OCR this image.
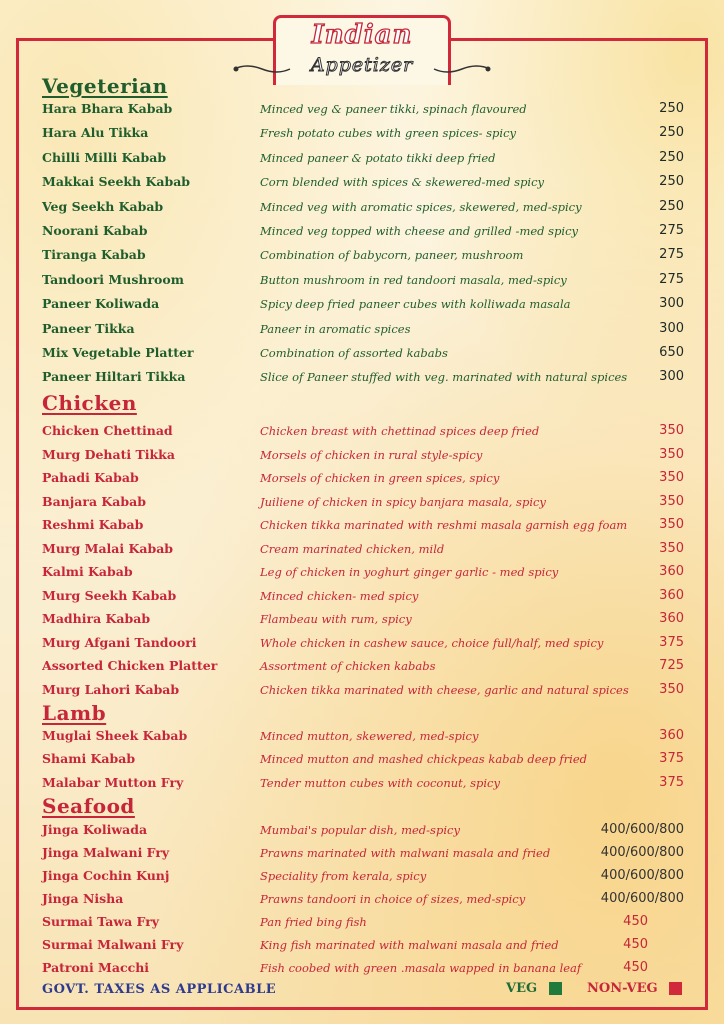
Indian
Appetizer
Vegeterian
Hara Bhara Kabab	Minced veg & paneer tikki, spinach flavoured	250
Hara Alu Tikka	Fresh potato cubes with green spices- spicy	250
Chilli Milli Kabab	Minced paneer & potato tikki deep fried	250
Makkai Seekh Kabab	Corn blended with spices & skewered-med spicy	250
Veg Seekh Kabab	Minced veg with aromatic spices, skewered, med-spicy	250
Noorani Kabab	Minced veg topped with cheese and grilled -med spicy	275
Tiranga Kabab	Combination of babycorn, paneer, mushroom	275
Tandoori Mushroom	Button mushroom in red tandoori masala, med-spicy	275
Paneer Koliwada	Spicy deep fried paneer cubes with kolliwada masala	300
Paneer Tikka	Paneer in aromatic spices	300
Mix Vegetable Platter	Combination of assorted kababs	650
Paneer Hiltari Tikka	Slice of Paneer stuffed with veg. marinated with natural spices 300
Chicken
Chicken Chettinad	Chicken breast with chettinad spices deep fried	350
Murg Dehati Tikka	Morsels of chicken in rural style-spicy	350
Pahadi Kabab	Morsels of chicken in green spices, spicy	350
Banjara Kabab	Juiliene of chicken in spicy banjara masala, spicy	350
Reshmi Kabab	Chicken tikka marinated with reshmi masala garnish egg foam 350
Murg Malai Kabab	Cream marinated chicken, mild	350
Kalmi Kabab	Leg of chicken in yoghurt ginger garlic - med spicy	360
Murg Seekh Kabab	Minced chicken- med spicy	360
Madhira Kabab	Flambeau with rum, spicy	360
Murg Afgani Tandoori	Whole chicken in cashew sauce, choice full/half, med spicy	375
Assorted Chicken Platter	Assortment of chicken kababs	725
Murg Lahori Kabab	Chicken tikka marinated with cheese, garlic and natural spices 350
Lamb
Muglai Sheek Kabab	Minced mutton, skewered, med-spicy	360
Shami Kabab	Minced mutton and mashed chickpeas kabab deep fried	375
Malabar Mutton Fry	Tender mutton cubes with coconut, spicy	375
Seafood
Jinga Koliwada	Mumbai's popular dish, med-spicy	400/600/800
Jinga Malwani Fry	Prawns marinated with malwani masala and fried	400/600/800
Jinga Cochin Kunj	Speciality from kerala, spicy	400/600/800
Jinga Nisha	Prawns tandoori in choice of sizes, med-spicy	400/600/800
Surmai Tawa Fry	Pan fried bing fish	450
Surmai Malwani Fry	King fish marinated with malwani masala and fried	450
Patroni Macchi	Fish coobed with green .masala wapped in banana leaf	450
GOVT. TAXES AS APPLICABLE	VEG	NON-VEG
